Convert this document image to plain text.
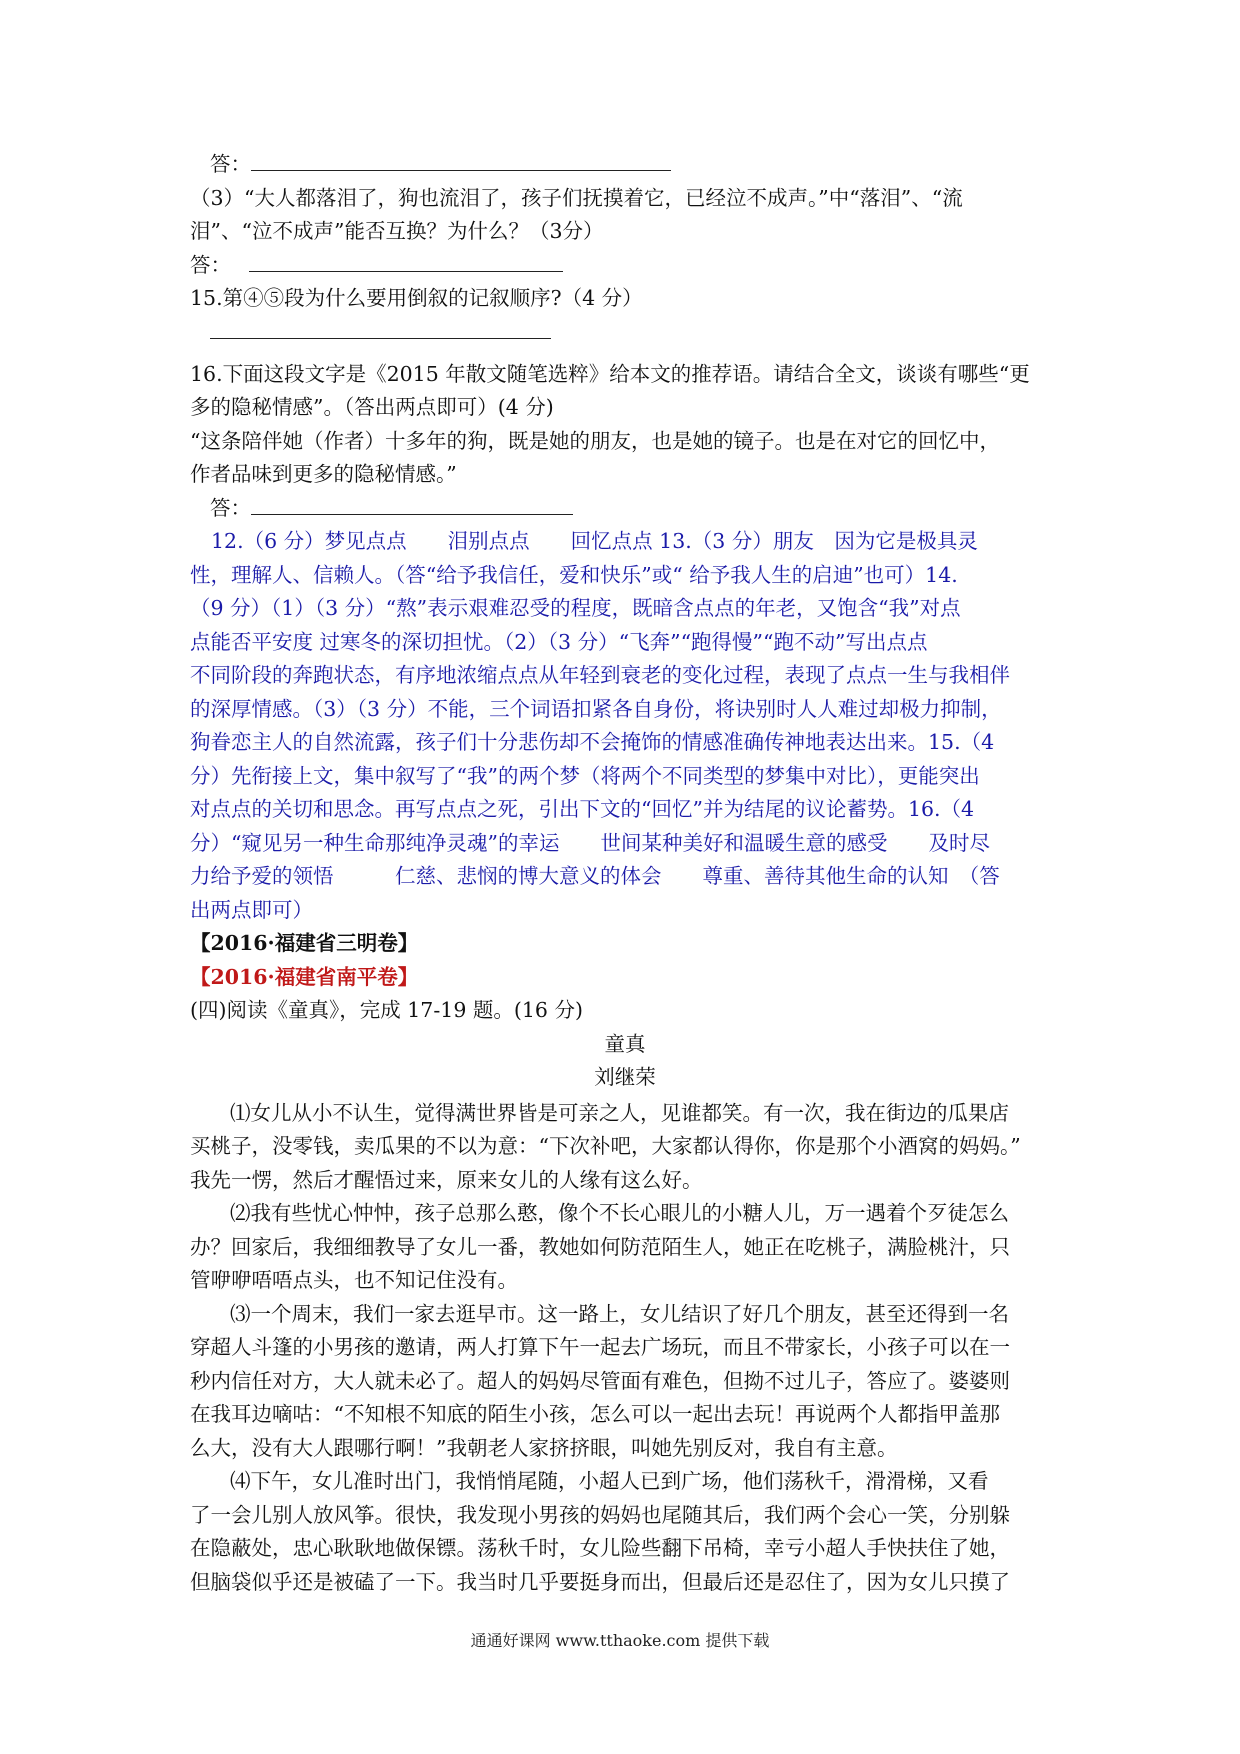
答：

（3）“大人都落泪了，狗也流泪了，孩子们抚摸着它，已经泣不成声。”中“落泪”、“流

泪”、“泣不成声”能否互换？为什么？（3分）

答：

15.第④⑤段为什么要用倒叙的记叙顺序?（4 分）

16.下面这段文字是《2015 年散文随笔选粹》给本文的推荐语。请结合全文，谈谈有哪些“更

多的隐秘情感”。（答出两点即可）(4 分)

“这条陪伴她（作者）十多年的狗，既是她的朋友，也是她的镜子。也是在对它的回忆中，

作者品味到更多的隐秘情感。”

答：

12.（6 分）梦见点点　　泪别点点　　回忆点点 13.（3 分）朋友　因为它是极具灵

性，理解人、信赖人。（答“给予我信任，爱和快乐”或“ 给予我人生的启迪”也可）14.

（9 分）（1）（3 分）“熬”表示艰难忍受的程度，既暗含点点的年老，又饱含“我”对点

点能否平安度 过寒冬的深切担忧。（2）（3 分）“飞奔”“跑得慢”“跑不动”写出点点

不同阶段的奔跑状态，有序地浓缩点点从年轻到衰老的变化过程，表现了点点一生与我相伴

的深厚情感。（3）（3 分）不能，三个词语扣紧各自身份，将诀别时人人难过却极力抑制，

狗眷恋主人的自然流露，孩子们十分悲伤却不会掩饰的情感准确传神地表达出来。15.（4

分）先衔接上文，集中叙写了“我”的两个梦（将两个不同类型的梦集中对比），更能突出

对点点的关切和思念。再写点点之死，引出下文的“回忆”并为结尾的议论蓄势。16.（4

分）“窥见另一种生命那纯净灵魂”的幸运　　世间某种美好和温暖生意的感受　　及时尽

力给予爱的领悟　　　仁慈、悲悯的博大意义的体会　　尊重、善待其他生命的认知　（答

出两点即可）

【2016·福建省三明卷】

【2016·福建省南平卷】

(四)阅读《童真》，完成 17-19 题。(16 分)

童真

刘继荣

⑴女儿从小不认生，觉得满世界皆是可亲之人，见谁都笑。有一次，我在街边的瓜果店

买桃子，没零钱，卖瓜果的不以为意：“下次补吧，大家都认得你，你是那个小酒窝的妈妈。”

我先一愣，然后才醒悟过来，原来女儿的人缘有这么好。

⑵我有些忧心忡忡，孩子总那么憨，像个不长心眼儿的小糖人儿，万一遇着个歹徒怎么

办？回家后，我细细教导了女儿一番，教她如何防范陌生人，她正在吃桃子，满脸桃汁，只

管咿咿唔唔点头，也不知记住没有。

⑶一个周末，我们一家去逛早市。这一路上，女儿结识了好几个朋友，甚至还得到一名

穿超人斗篷的小男孩的邀请，两人打算下午一起去广场玩，而且不带家长，小孩子可以在一

秒内信任对方，大人就未必了。超人的妈妈尽管面有难色，但拗不过儿子，答应了。婆婆则

在我耳边嘀咕：“不知根不知底的陌生小孩，怎么可以一起出去玩！再说两个人都指甲盖那

么大，没有大人跟哪行啊！”我朝老人家挤挤眼，叫她先别反对，我自有主意。

⑷下午，女儿准时出门，我悄悄尾随，小超人已到广场，他们荡秋千，滑滑梯，又看

了一会儿别人放风筝。很快，我发现小男孩的妈妈也尾随其后，我们两个会心一笑，分别躲

在隐蔽处，忠心耿耿地做保镖。荡秋千时，女儿险些翻下吊椅，幸亏小超人手快扶住了她，

但脑袋似乎还是被磕了一下。我当时几乎要挺身而出，但最后还是忍住了，因为女儿只摸了

通通好课网 www.tthaoke.com 提供下载
